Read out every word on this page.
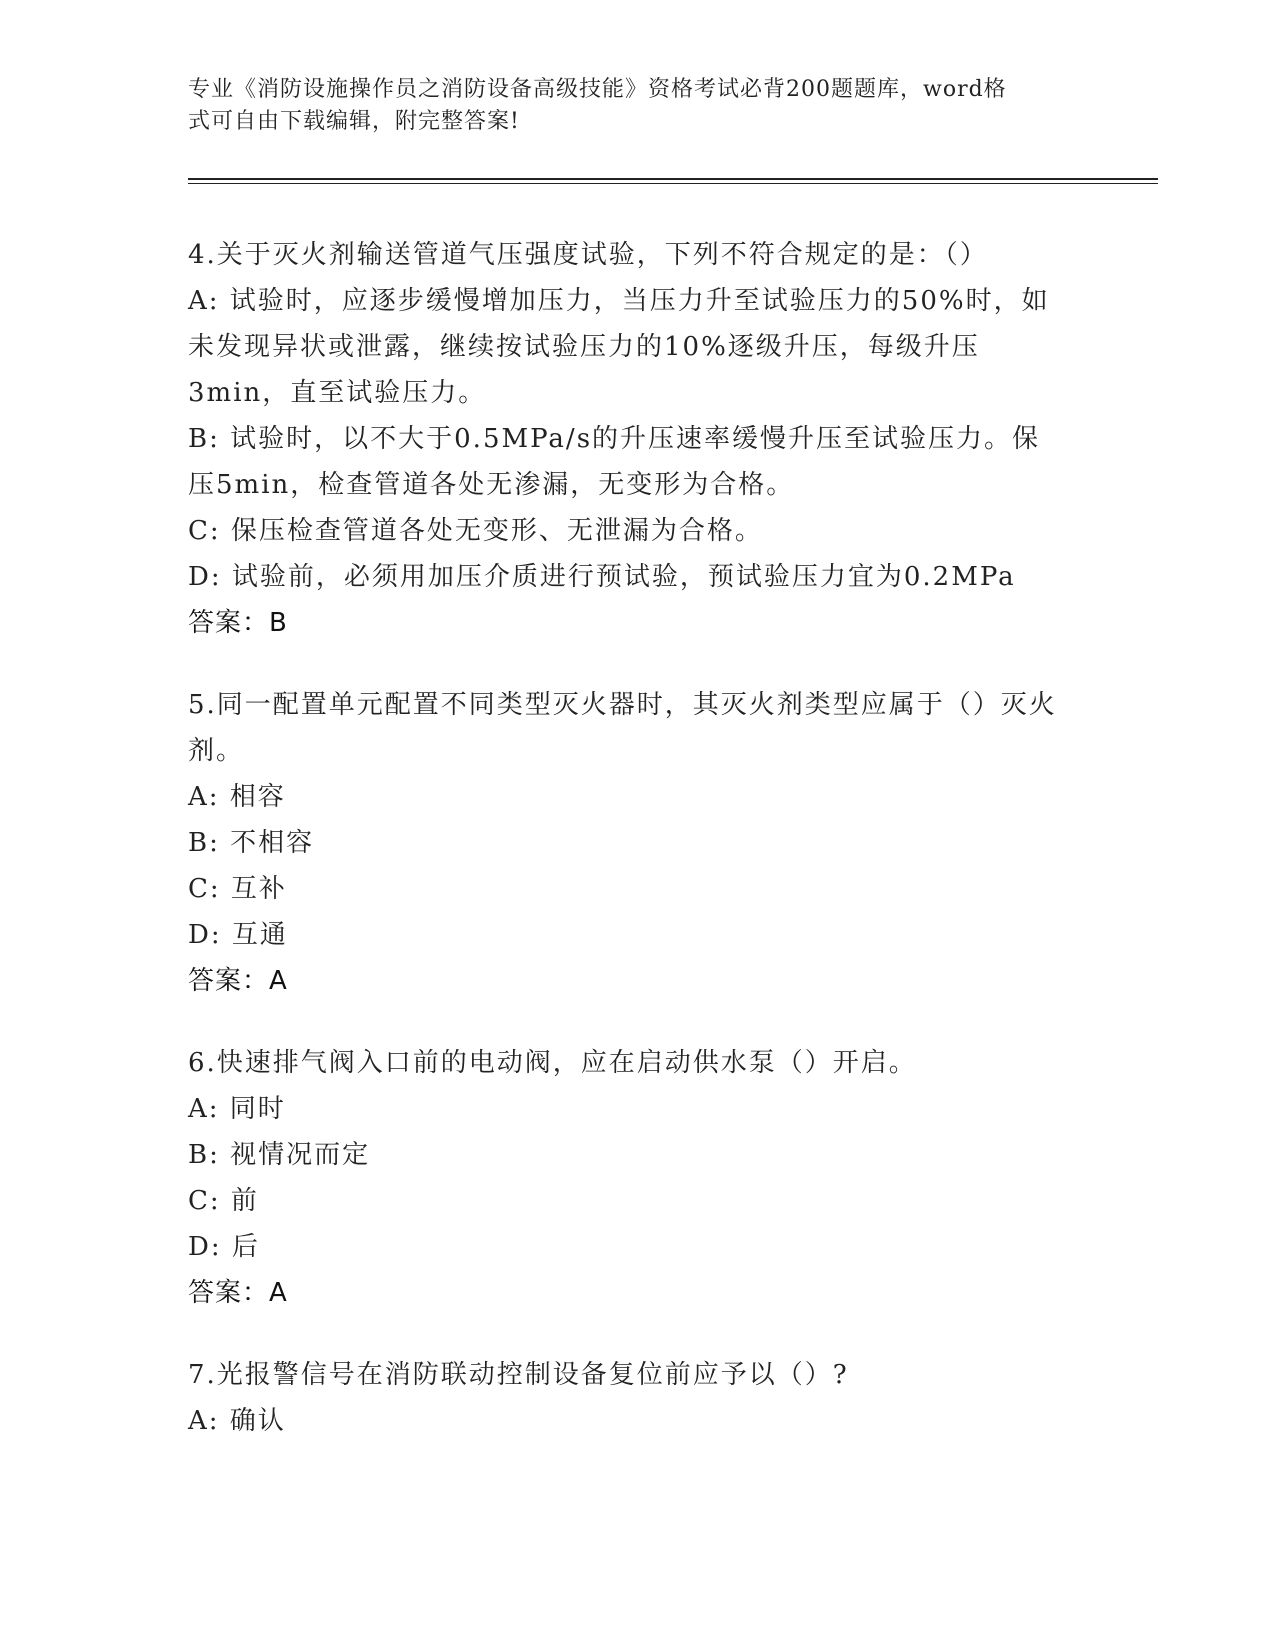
专业《消防设施操作员之消防设备高级技能》资格考试必背200题题库，word格
式可自由下载编辑，附完整答案!
4.关于灭火剂输送管道气压强度试验，下列不符合规定的是：（）
A: 试验时，应逐步缓慢增加压力，当压力升至试验压力的50%时，如未发现异状或泄露，继续按试验压力的10%逐级升压，每级升压3min，直至试验压力。
B: 试验时，以不大于0.5MPa/s的升压速率缓慢升压至试验压力。保压5min，检查管道各处无渗漏，无变形为合格。
C: 保压检查管道各处无变形、无泄漏为合格。
D: 试验前，必须用加压介质进行预试验，预试验压力宜为0.2MPa
答案：B
5.同一配置单元配置不同类型灭火器时，其灭火剂类型应属于（）灭火剂。
A: 相容
B: 不相容
C: 互补
D: 互通
答案：A
6.快速排气阀入口前的电动阀，应在启动供水泵（）开启。
A: 同时
B: 视情况而定
C: 前
D: 后
答案：A
7.光报警信号在消防联动控制设备复位前应予以（）?
A: 确认
